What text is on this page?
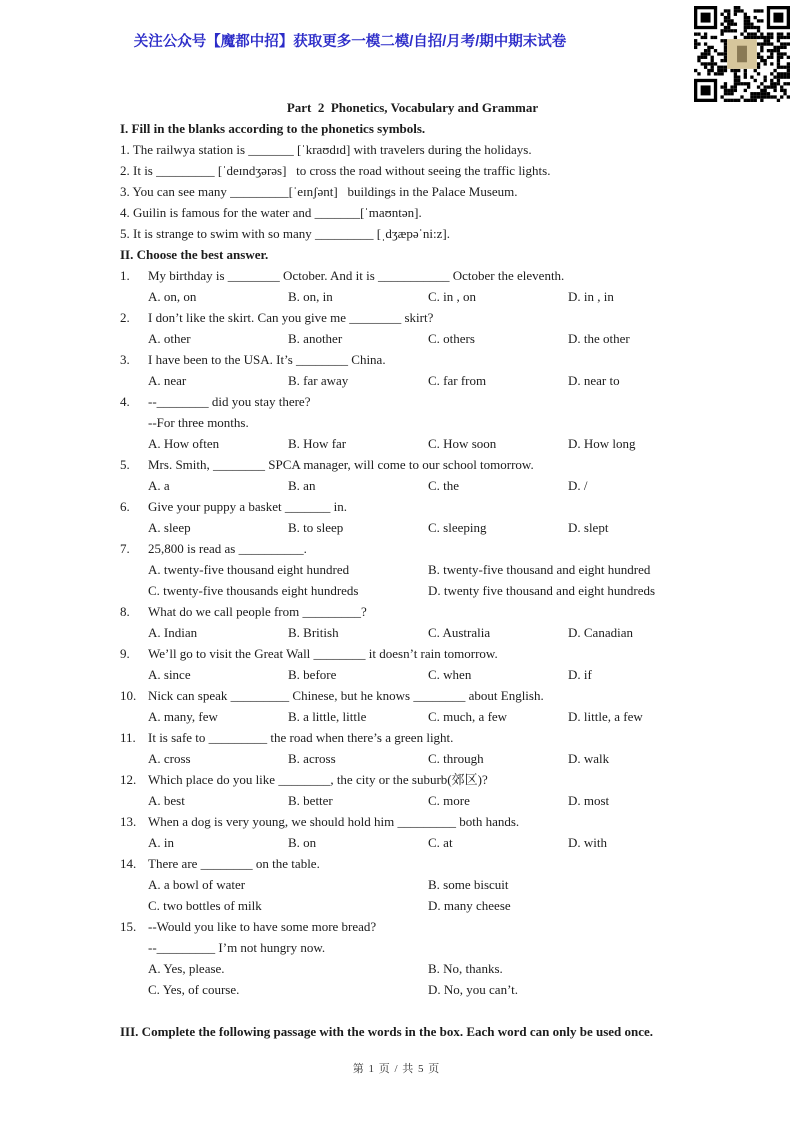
关注公众号【魔都中招】获取更多一模二模/自招/月考/期中期末试卷
Part  2  Phonetics, Vocabulary and Grammar
I. Fill in the blanks according to the phonetics symbols.
1. The railwya station is _______ [ˈkraʊdɪd] with travelers during the holidays.
2. It is _________ [ˈdeɪndʒərəs]   to cross the road without seeing the traffic lights.
3. You can see many _________[ˈeɪnʃənt]   buildings in the Palace Museum.
4. Guilin is famous for the water and _______[ˈmaʊntən].
5. It is strange to swim with so many _________ [ˌdʒæpəˈni:z].
II. Choose the best answer.
1.	My birthday is ________ October. And it is ___________ October the eleventh.
A. on, on	B. on, in	C. in , on	D. in , in
2.	I don’t like the skirt. Can you give me ________ skirt?
A. other	B. another	C. others	D. the other
3.	I have been to the USA. It’s ________ China.
A. near	B. far away	C. far from	D. near to
4.	--________ did you stay there?
--For three months.
A. How often	B. How far	C. How soon	D. How long
5.	Mrs. Smith, ________ SPCA manager, will come to our school tomorrow.
A. a	B. an	C. the	D. /
6.	Give your puppy a basket _______ in.
A. sleep	B. to sleep	C. sleeping	D. slept
7.	25,800 is read as __________.
A. twenty-five thousand eight hundred	B. twenty-five thousand and eight hundred
C. twenty-five thousands eight hundreds	D. twenty five thousand and eight hundreds
8.	What do we call people from _________?
A. Indian	B. British	C. Australia	D. Canadian
9.	We’ll go to visit the Great Wall ________ it doesn’t rain tomorrow.
A. since	B. before	C. when	D. if
10. Nick can speak _________ Chinese, but he knows ________ about English.
A. many, few	B. a little, little	C. much, a few	D. little, a few
11. It is safe to _________ the road when there’s a green light.
A. cross	B. across	C. through	D. walk
12. Which place do you like ________, the city or the suburb(郊区)?
A. best	B. better	C. more	D. most
13. When a dog is very young, we should hold him _________ both hands.
A. in	B. on	C. at	D. with
14. There are ________ on the table.
A. a bowl of water	B. some biscuit
C. two bottles of milk	D. many cheese
15. --Would you like to have some more bread?
--_________ I’m not hungry now.
A. Yes, please.	B. No, thanks.
C. Yes, of course.	D. No, you can’t.
III. Complete the following passage with the words in the box. Each word can only be used once.
第 1 页 / 共 5 页
